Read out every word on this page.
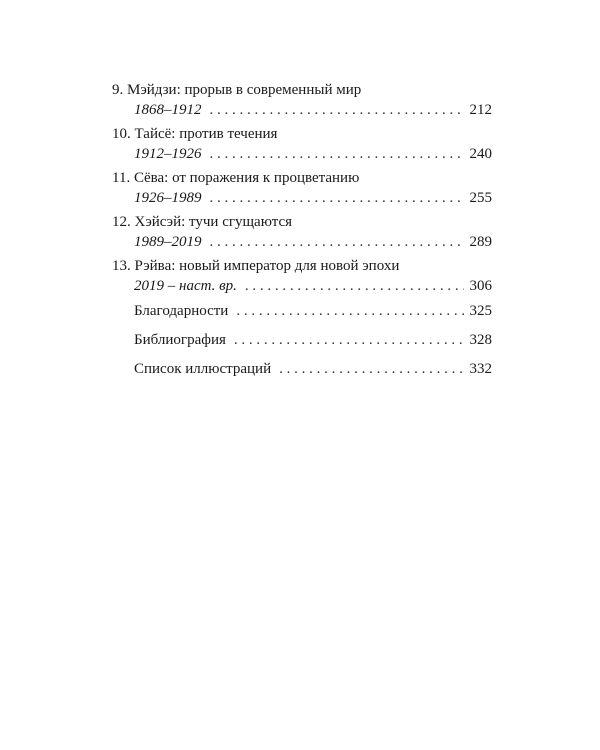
9. Мэйдзи: прорыв в современный мир
1868–1912 . . .	212
10. Тайсё: против течения
1912–1926 . . .	240
11. Сёва: от поражения к процветанию
1926–1989 . . .	255
12. Хэйсэй: тучи сгущаются
1989–2019 . . .	289
13. Рэйва: новый император для новой эпохи
2019 – наст. вр. . . .	306
Благодарности . . .	325
Библиография . . .	328
Список иллюстраций . . .	332
